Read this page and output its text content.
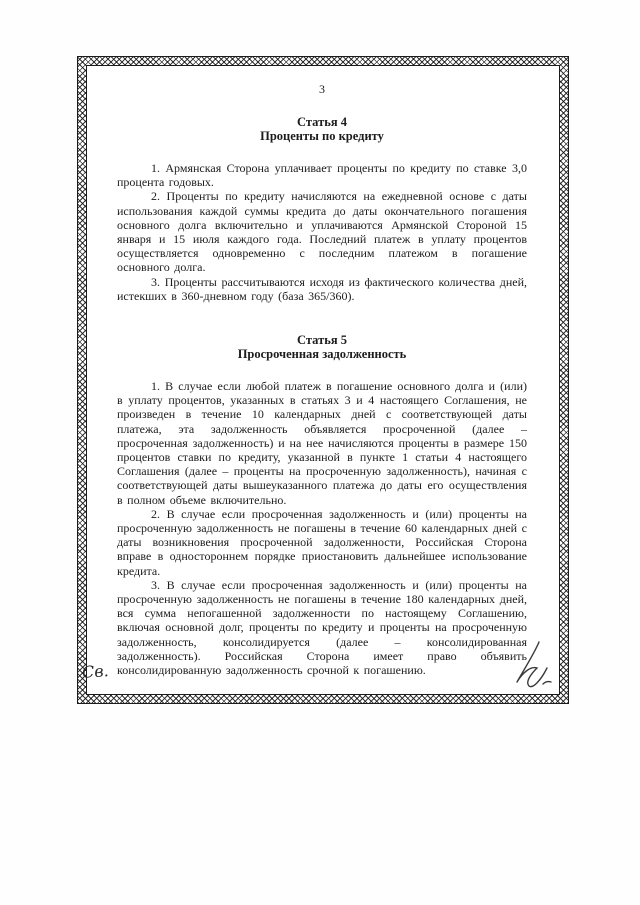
3
Статья 4
Проценты по кредиту

1. Армянская Сторона уплачивает проценты по кредиту по ставке 3,0 процента годовых.

2. Проценты по кредиту начисляются на ежедневной основе с даты использования каждой суммы кредита до даты окончательного погашения основного долга включительно и уплачиваются Армянской Стороной 15 января и 15 июля каждого года. Последний платеж в уплату процентов осуществляется одновременно с последним платежом в погашение основного долга.

3. Проценты рассчитываются исходя из фактического количества дней, истекших в 360-дневном году (база 365/360).

Статья 5
Просроченная задолженность

1. В случае если любой платеж в погашение основного долга и (или) в уплату процентов, указанных в статьях 3 и 4 настоящего Соглашения, не произведен в течение 10 календарных дней с соответствующей даты платежа, эта задолженность объявляется просроченной (далее – просроченная задолженность) и на нее начисляются проценты в размере 150 процентов ставки по кредиту, указанной в пункте 1 статьи 4 настоящего Соглашения (далее – проценты на просроченную задолженность), начиная с соответствующей даты вышеуказанного платежа до даты его осуществления в полном объеме включительно.

2. В случае если просроченная задолженность и (или) проценты на просроченную задолженность не погашены в течение 60 календарных дней с даты возникновения просроченной задолженности, Российская Сторона вправе в одностороннем порядке приостановить дальнейшее использование кредита.

3. В случае если просроченная задолженность и (или) проценты на просроченную задолженность не погашены в течение 180 календарных дней, вся сумма непогашенной задолженности по настоящему Соглашению, включая основной долг, проценты по кредиту и проценты на просроченную задолженность, консолидируется (далее – консолидированная задолженность). Российская Сторона имеет право объявить консолидированную задолженность срочной к погашению.

Св.
